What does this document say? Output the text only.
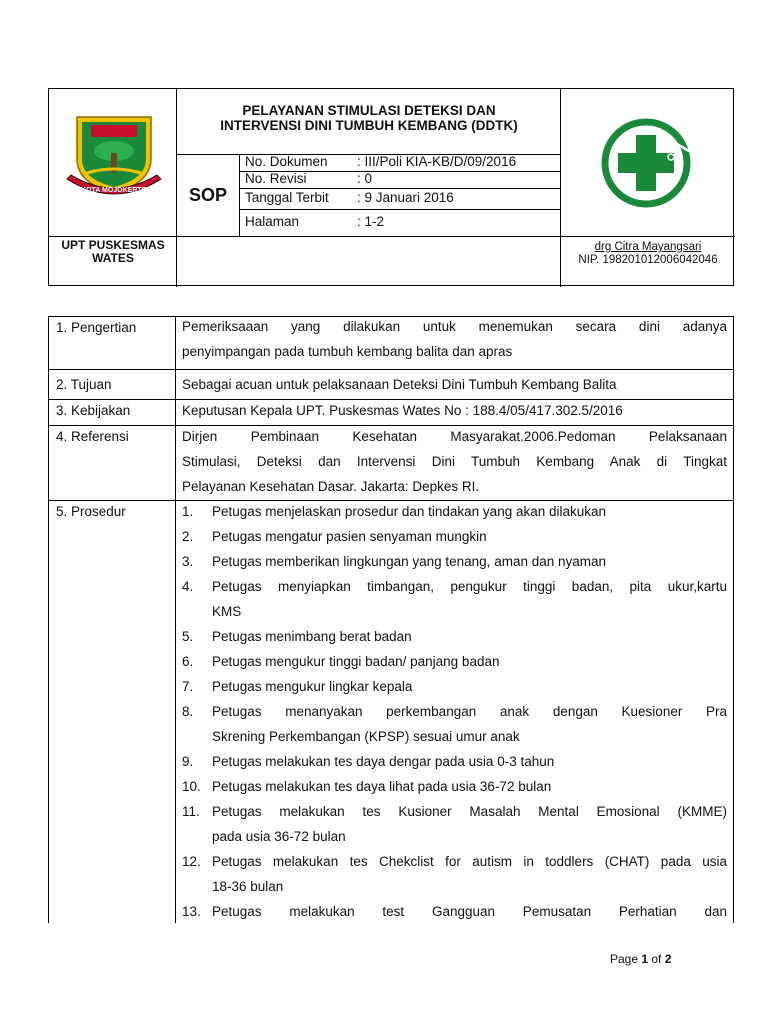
KOTA MOJOKERTO
PELAYANAN STIMULASI DETEKSI DAN
INTERVENSI DINI TUMBUH KEMBANG (DDTK)
SOP
No. Dokumen : III/Poli KIA-KB/D/09/2016
No. Revisi	: 0
Tanggal Terbit : 9 Januari 2016
Halaman	: 1-2
UPT PUSKESMAS
WATES
drg Citra Mayangsari
NIP. 198201012006042046
1. Pengertian	Pemeriksaaan yang dilakukan untuk menemukan secara dini adanya
penyimpangan pada tumbuh kembang balita dan apras
2. Tujuan	Sebagai acuan untuk pelaksanaan Deteksi Dini Tumbuh Kembang Balita
3. Kebijakan	Keputusan Kepala UPT. Puskesmas Wates No : 188.4/05/417.302.5/2016
4. Referensi	Dirjen Pembinaan Kesehatan Masyarakat.2006.Pedoman Pelaksanaan
Stimulasi, Deteksi dan Intervensi Dini Tumbuh Kembang Anak di Tingkat
Pelayanan Kesehatan Dasar. Jakarta: Depkes RI.
5. Prosedur	1. Petugas menjelaskan prosedur dan tindakan yang akan dilakukan
2. Petugas mengatur pasien senyaman mungkin
3. Petugas memberikan lingkungan yang tenang, aman dan nyaman
4. Petugas menyiapkan timbangan, pengukur tinggi badan, pita ukur,kartu
KMS
5. Petugas menimbang berat badan
6. Petugas mengukur tinggi badan/ panjang badan
7. Petugas mengukur lingkar kepala
8. Petugas menanyakan perkembangan anak dengan Kuesioner Pra
Skrening Perkembangan (KPSP) sesuai umur anak
9. Petugas melakukan tes daya dengar pada usia 0-3 tahun
10. Petugas melakukan tes daya lihat pada usia 36-72 bulan
11. Petugas melakukan tes Kusioner Masalah Mental Emosional (KMME)
pada usia 36-72 bulan
12. Petugas melakukan tes Chekclist for autism in toddlers (CHAT) pada usia
18-36 bulan
13. Petugas melakukan test Gangguan Pemusatan Perhatian dan
Page 1 of 2
